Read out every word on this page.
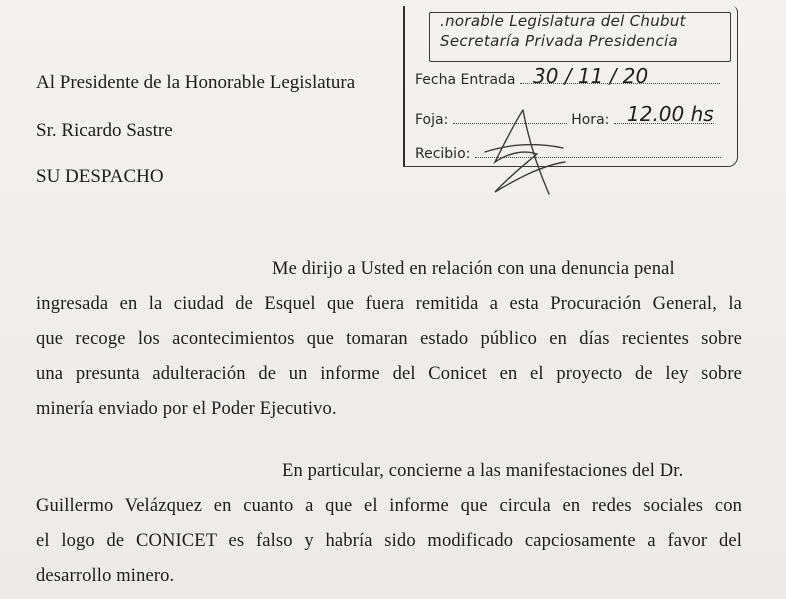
.norable Legislatura del Chubut
Secretaría Privada Presidencia
Fecha Entrada 30 / 11 / 20
Foja:	Hora: 12.00 hs
Recibio:
Al Presidente de la Honorable Legislatura
Sr. Ricardo Sastre
SU DESPACHO
Me dirijo a Usted en relación con una denuncia penal
ingresada en la ciudad de Esquel que fuera remitida a esta Procuración General, la
que recoge los acontecimientos que tomaran estado público en días recientes sobre
una presunta adulteración de un informe del Conicet en el proyecto de ley sobre
minería enviado por el Poder Ejecutivo.
En particular, concierne a las manifestaciones del Dr.
Guillermo Velázquez en cuanto a que el informe que circula en redes sociales con
el logo de CONICET es falso y habría sido modificado capciosamente a favor del
desarrollo minero.
